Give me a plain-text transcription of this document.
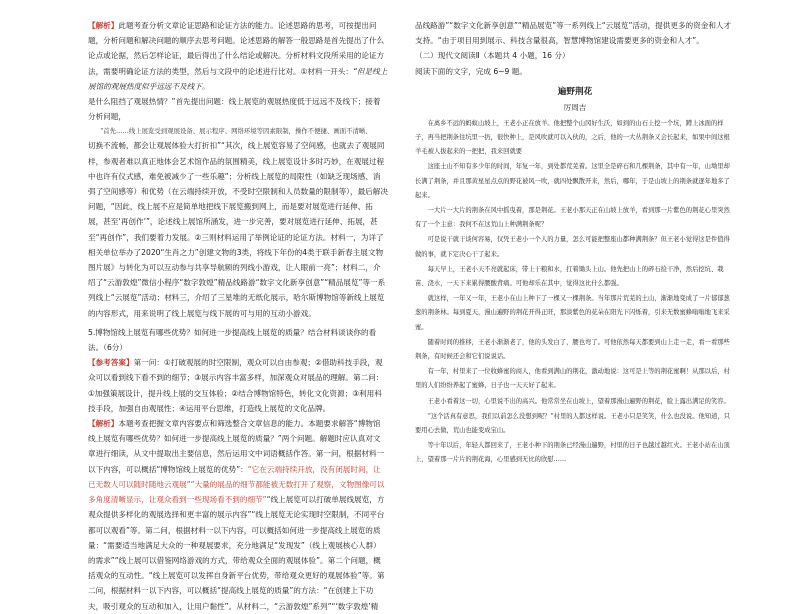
【解析】此题考查分析文章论证思路和论证方法的能力。论述思路的思考，可按提出问题，分析问题和解决问题的顺序去思考问题。论述思路的解答一般思路是首先提出了什么论点或论据，然后怎样论证，最后得出了什么结论或解决。分析材料文段所采用的论证方法，需要明确论证方法的类型，然后与文段中的论述进行比对。①材料一开头：“但是线上展馆的观展热度似乎远远不及线下。
是什么阻挡了观展热情？”首先提出问题：线上展览的观展热度低于远远不及线下；接着分析问题，
“首先……线上展览受到观展设备、展示程序、网络环境等因素限制，操作不便捷、画面不清晰、
切换不流畅，都会让观展体验大打折扣”“其次，线上展览容易了空间感，也就去了观展同样，参观者难以真正地体会艺术馆作品的氛围精美，线上展览设计多时巧妙，在观展过程中也许有仪式感，难免被减少了一些乐趣”；分析线上展览的局限性（如缺乏现场感、消弭了空间感等）和优势（在云端持续开放，不受时空限制和人员数量的限制等），最后解决问题，“因此，线上展不应是简单地把线下展览搬到网上，而是要对展览进行延伸、拓展，甚至‘再创作’”，论述线上展馆所涵发，进一步完善，要对展览进行延伸、拓展，甚至“再创作”，我们要着力发展。②三则材料运用了举例论证的论证方法。材料一，为详了相关单位举办了2020“生肖之力”创建文物的3类，将线下年份的4类于联手新春主展文物图片展》与转化为可以互动参与共享导航频的列线小游戏，让人眼前一亮”；材料二，介绍了“云游敦煌”微信小程序“数字敦煌”精品线路游“数字文化新享创意”“精品展览”等一系列线上“云展览”活动；材料三，介绍了三星堆的无纸化展示，哈尔斯博物馆等新线上展览的内容形式，用来说明了线上展览与线下展的可与用的互动小游戏。
5.博物馆线上展览有哪些优势？如何进一步提高线上展览的质量？结合材料谈谈你的看法。（6分）
【参考答案】第一问：①打破观展的时空限制，观众可以自由参观；②借助科技手段，观众可以看到线下看不到的细节；③展示内容丰富多样，加深观众对展品的理解。第二问：①加强策展设计，提升线上展的交互体验；②结合博物馆特色，转化文化资源；③利用科技手段，加强自由观展性；④运用平台思维，打造线上展览的文化品牌。
【解析】本题考查把握文章内容要点和筛选整合文章信息的能力。本题要求解答“博物馆线上展览有哪些优势？如何进一步提高线上展览的质量？”两个问题。解题时应认真对文章进行细读，从文中提取出主要信息，然后运用文中词语概括作答。第一问，根据材料一以下内容，可以概括“博物馆线上展览的优势”：“它在云端持续开放，没有闭展时间，让已无数人可以随时随地云观展”“大量的展品的细节都能被无数打开了观察，文物图像可以多角度清晰显示，让观众看到一些现场看不到的细节”“线上展览可以打破单展线展览，方观众提供多样化的观展选择和更丰富的展示内容”“线上展览无论实现时空限制，不同平台都可以观看”等。第二问，根据材料一以下内容，可以概括如何进一步提高线上展览的质量：“需要适当地满足大众的一种观展要求，充分地满足“发现发”（线上观展核心人群）的需求”“线上展可以借鉴网络游戏的方式，带给观众全面的观展体验”。第二个问题，概括观众的互动性。“线上展览可以发挥自身新平台优势，带给观众更好的观展体验”等。第二问，根据材料一以下内容，可以概括“提高线上展览的质量”的方法：“在创建上下功夫，吸引观众的互动和加入，让用户黏性”。从材料二，“云游敦煌”系列”“‘数字敦煌’精
品线路游”“数字文化新享创意”“精品展览”等一系列线上“云展览”活动，提供更多的资金和人才支持。“由于项目用到展示、科技含量很高，智慧博物馆建设需要更多的资金和人才”。
（二）现代文阅读Ⅱ（本题共 4 小题，16 分）
阅读下面的文字，完成 6~9 题。
遍野荆花
厉周吉
在离乡不远的蚂蚁山坡上，王老小正在放羊。他把整个山冈好生沃，如到的山石上挖一个坑，蹲上冰面的样子，再当把荆条往坑里一扔，很快种上，是风吹就可以入伙的，之后，他的一大丛荆条又会长起来，如果中间这根羊毛被人拔起来的一把把，我来回就要
这座土山不知有多少年的时间，年复一年，到处都荒芜着。这里全是碎石和几棵荆条，其中有一年，山坳里却长满了荆条，并且那黄星星点点的野花被风一吹，就四处飘散开来，然后，哪年，于是山坡上的荆条就逐年地多了起来。
一大片一大片的荆条在风中摇曳着，那是荆花。王老小那天正在山坡上放羊，看到那一片紫色的荆花心里突然有了一个主意：我何不在这荒山上种满荆条呢？
可是说干就干谈何容易，仅凭王老小一个人的力量，怎么可能把整座山都种满荆条？但王老小觉得这是件值得做的事，就下定决心干了起来。
每天早上，王老小天不亮就起床，带上干粮和水，扛着锄头上山。他先把山上的碎石捡干净，然后挖坑、栽苗、浇水，一天下来累得腰酸背痛。可他却乐在其中，觉得这比什么都强。
就这样，一年又一年，王老小在山上种下了一棵又一棵荆条。当年那片荒芜的土山，渐渐地变成了一片郁郁葱葱的荆条林。每到夏天，漫山遍野的荆花开得正旺，那淡紫色的花朵在阳光下闪烁着，引来无数蜜蜂嗡嗡地飞来采蜜。
随着时间的推移，王老小渐渐老了，他的头发白了，腰也弯了。可他依然每天都要到山上走一走，看一看那些荆条，有时候还会和它们说说话。
有一年，村里来了一位收蜂蜜的商人，他看到满山的荆花，激动地说：这可是上等的荆花蜜啊！从那以后，村里的人们纷纷养起了蜜蜂，日子也一天天好了起来。
王老小看着这一切，心里说不出的高兴。他常常坐在山坡上，望着那漫山遍野的荆花，脸上露出满足的笑容。
“这个活真有意思，我们以前怎么没想到呢？”村里的人都这样说。王老小只是笑笑，什么也没说。他知道，只要用心去做，荒山也能变成宝山。
等十年以后，年轻人都回来了，王老小种下的荆条已经漫山遍野，村里的日子也越过越红火。王老小站在山顶上，望着那一片片的荆花海，心里感到无比的欣慰……
